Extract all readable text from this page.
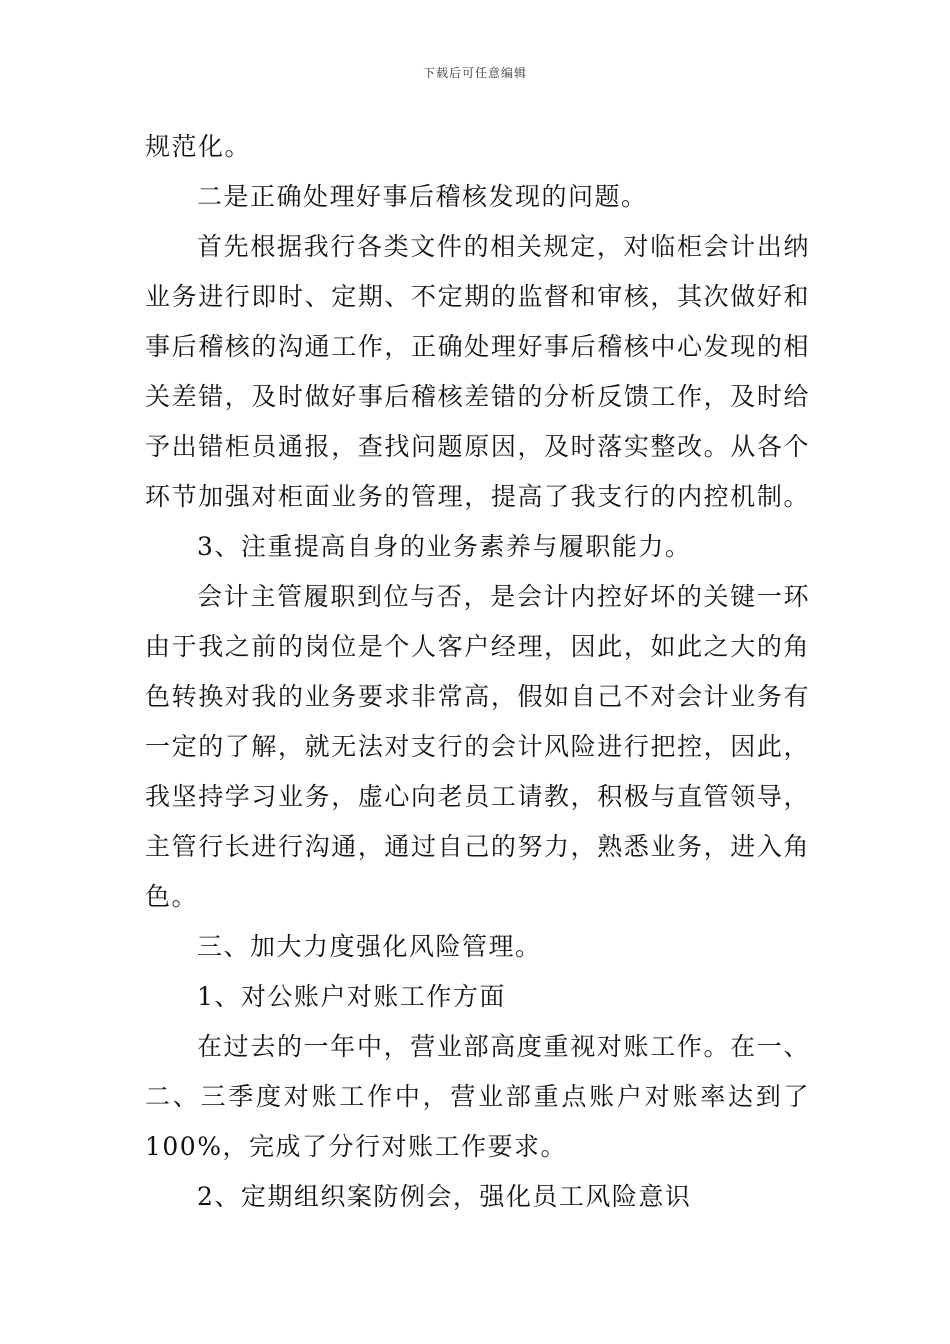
下载后可任意编辑
规范化。
二是正确处理好事后稽核发现的问题。
首先根据我行各类文件的相关规定，对临柜会计出纳
业务进行即时、定期、不定期的监督和审核，其次做好和
事后稽核的沟通工作，正确处理好事后稽核中心发现的相
关差错，及时做好事后稽核差错的分析反馈工作，及时给
予出错柜员通报，查找问题原因，及时落实整改。从各个
环节加强对柜面业务的管理，提高了我支行的内控机制。
3、注重提高自身的业务素养与履职能力。
会计主管履职到位与否，是会计内控好坏的关键一环
由于我之前的岗位是个人客户经理，因此，如此之大的角
色转换对我的业务要求非常高，假如自己不对会计业务有
一定的了解，就无法对支行的会计风险进行把控，因此，
我坚持学习业务，虚心向老员工请教，积极与直管领导，
主管行长进行沟通，通过自己的努力，熟悉业务，进入角
色。
三、加大力度强化风险管理。
1、对公账户对账工作方面
在过去的一年中，营业部高度重视对账工作。在一、
二、三季度对账工作中，营业部重点账户对账率达到了
100%，完成了分行对账工作要求。
2、定期组织案防例会，强化员工风险意识
